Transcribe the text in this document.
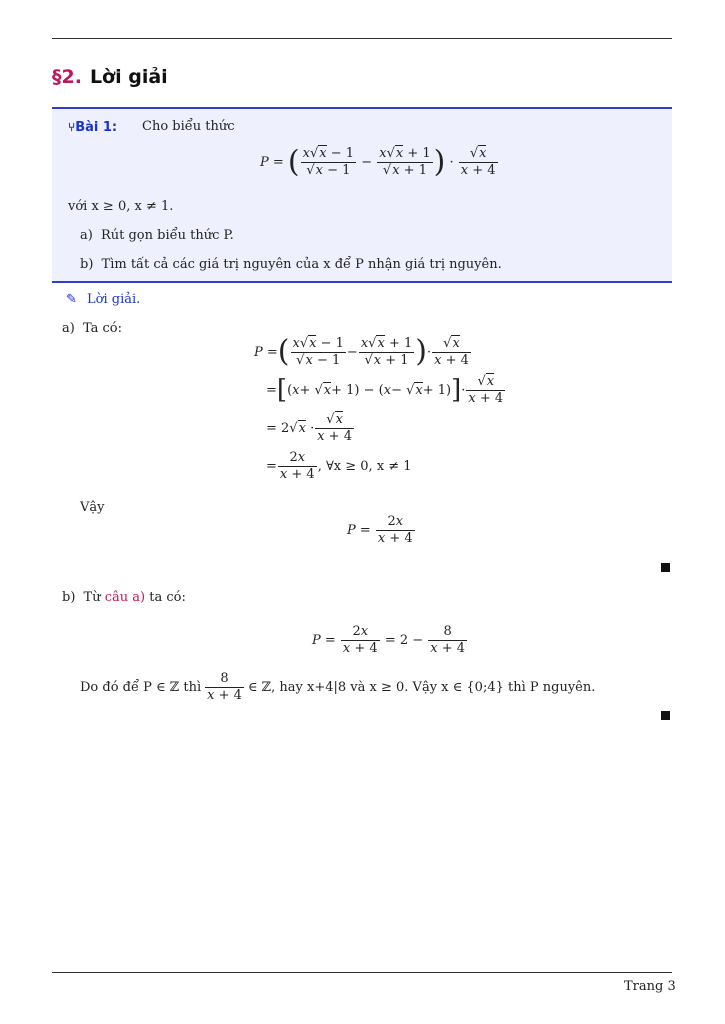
§2. Lời giải
⑂Bài 1: Cho biểu thức
P = ( $\frac{x√x - 1}{√x - 1} - \frac{x√x + 1}{√x + 1}$ ) · $\frac{√x}{x + 4}$
với x ≥ 0, x ≠ 1.
a) Rút gọn biểu thức P.
b) Tìm tất cả các giá trị nguyên của x để P nhận giá trị nguyên.
✎ Lời giải.
a) Ta có:
P = ( x√x − 1
√x − 1
−
x√x + 1
√x + 1 ) ·
√x
x + 4
= [ ( x + √ x + 1) − ( x − √ x + 1) ] ·
√x
x + 4
= 2√ x ·
√x
x + 4
=
2x
x + 4
, ∀x ≥ 0, x ≠ 1
Vậy
$P = \frac{2x}{x + 4}$
b) Từ câu a) ta có:
$P = \frac{2x}{x + 4} = 2 - \frac{8}{x + 4}$
Do đó để P ∈ ℤ thì
8
x + 4
∈ ℤ, hay x+4|8 và x ≥ 0. Vậy x ∈ {0;4} thì P nguyên.
Trang 3
